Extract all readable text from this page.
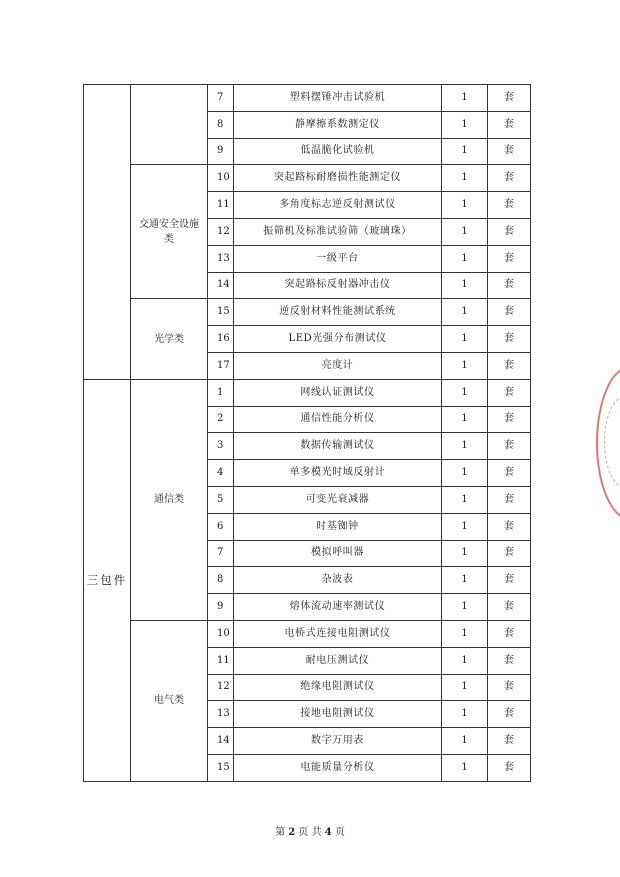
		7	塑料摆锤冲击试验机	1	套
		8	静摩擦系数测定仪	1	套
		9	低温脆化试验机	1	套
	交通安全设施类	10	突起路标耐磨损性能测定仪	1	套
		11	多角度标志逆反射测试仪	1	套
		12	振筛机及标准试验筛（玻璃珠）	1	套
		13	一级平台	1	套
		14	突起路标反射器冲击仪	1	套
	光学类	15	逆反射材料性能测试系统	1	套
		16	LED光强分布测试仪	1	套
		17	亮度计	1	套
三包件	通信类	1	网线认证测试仪	1	套
		2	通信性能分析仪	1	套
		3	数据传输测试仪	1	套
		4	单多模光时域反射计	1	套
		5	可变光衰减器	1	套
		6	时基铷钟	1	套
		7	模拟呼叫器	1	套
		8	杂波表	1	套
		9	熔体流动速率测试仪	1	套
	电气类	10	电桥式连接电阻测试仪	1	套
		11	耐电压测试仪	1	套
		12	绝缘电阻测试仪	1	套
		13	接地电阻测试仪	1	套
		14	数字万用表	1	套
		15	电能质量分析仪	1	套
第 2 页 共 4 页
